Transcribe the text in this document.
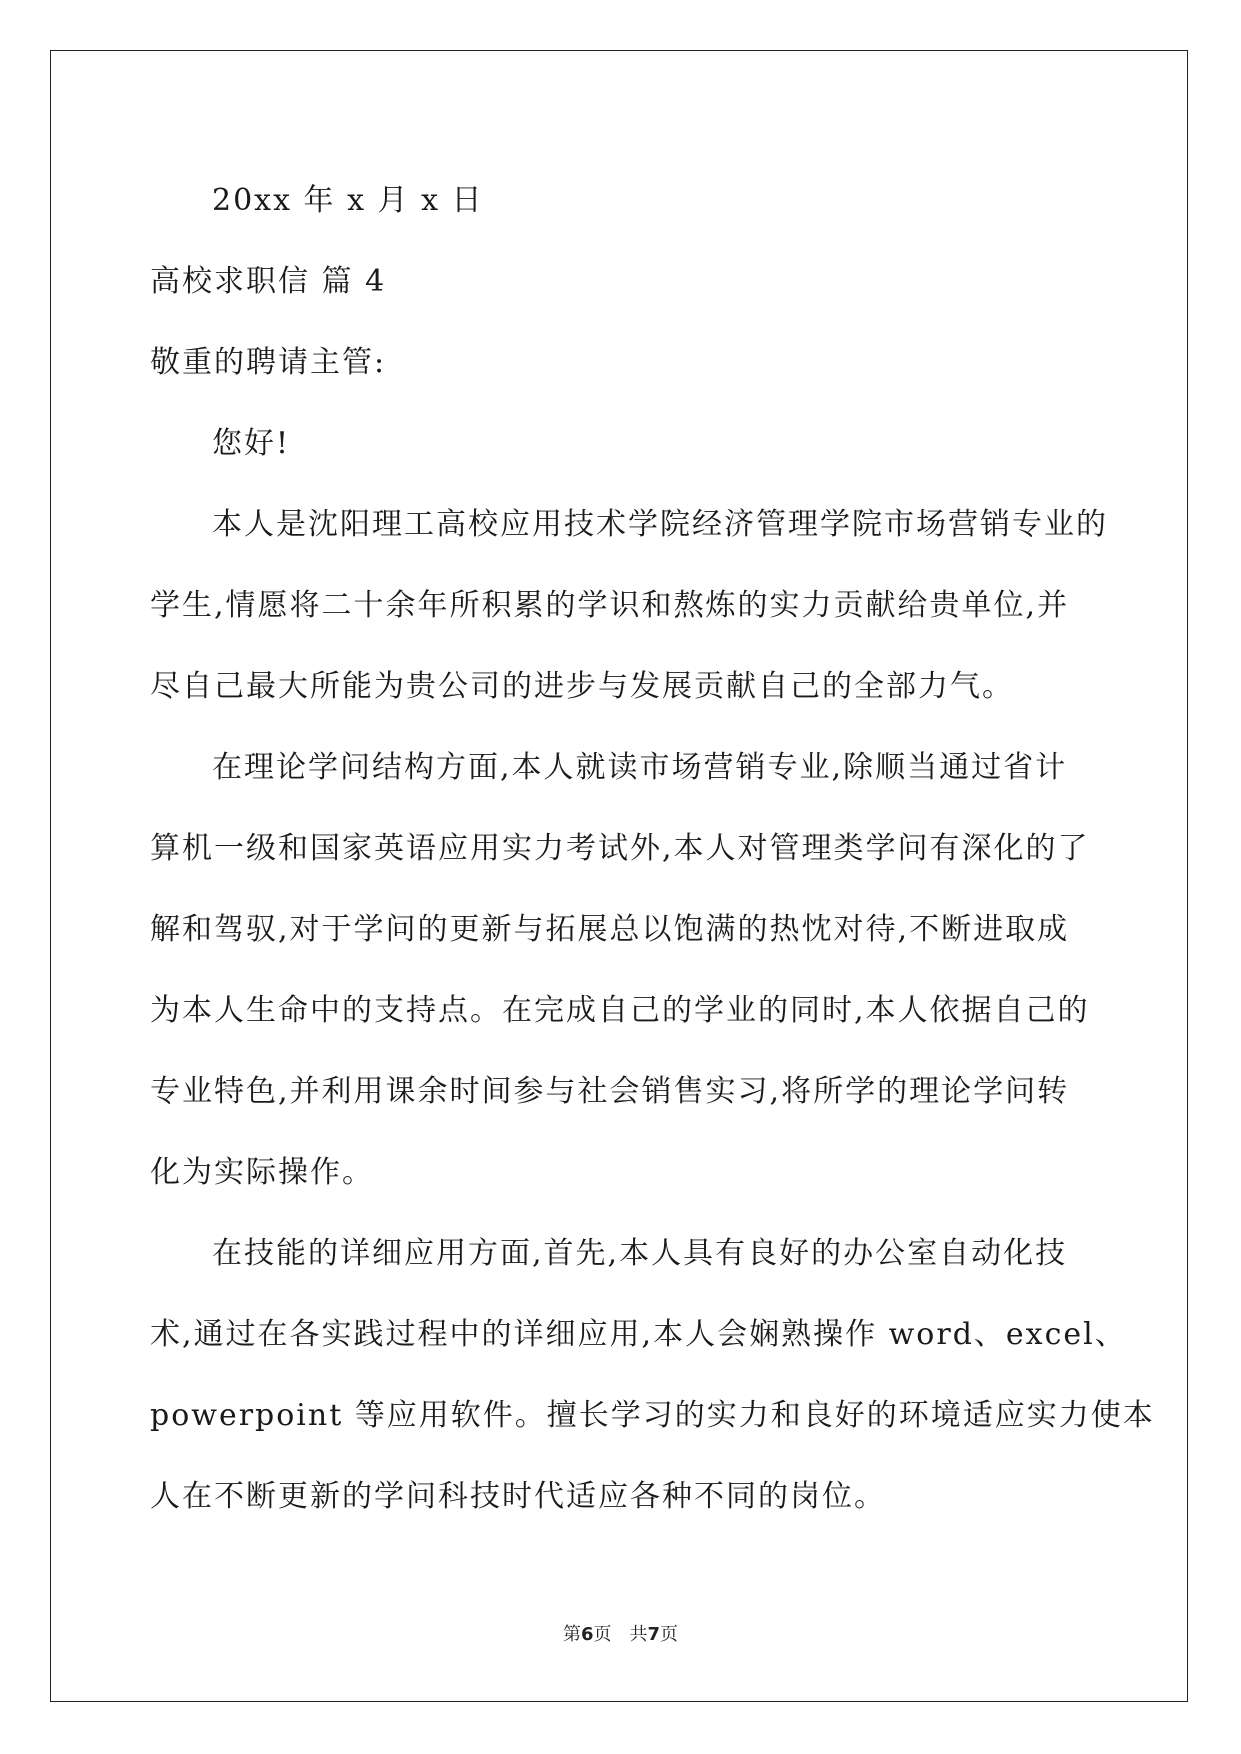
20xx 年 x 月 x 日
高校求职信 篇 4
敬重的聘请主管:
您好!
本人是沈阳理工高校应用技术学院经济管理学院市场营销专业的
学生,情愿将二十余年所积累的学识和熬炼的实力贡献给贵单位,并
尽自己最大所能为贵公司的进步与发展贡献自己的全部力气。
在理论学问结构方面,本人就读市场营销专业,除顺当通过省计
算机一级和国家英语应用实力考试外,本人对管理类学问有深化的了
解和驾驭,对于学问的更新与拓展总以饱满的热忱对待,不断进取成
为本人生命中的支持点。在完成自己的学业的同时,本人依据自己的
专业特色,并利用课余时间参与社会销售实习,将所学的理论学问转
化为实际操作。
在技能的详细应用方面,首先,本人具有良好的办公室自动化技
术,通过在各实践过程中的详细应用,本人会娴熟操作 word、excel、
powerpoint 等应用软件。擅长学习的实力和良好的环境适应实力使本
人在不断更新的学问科技时代适应各种不同的岗位。
第6页 共7页
